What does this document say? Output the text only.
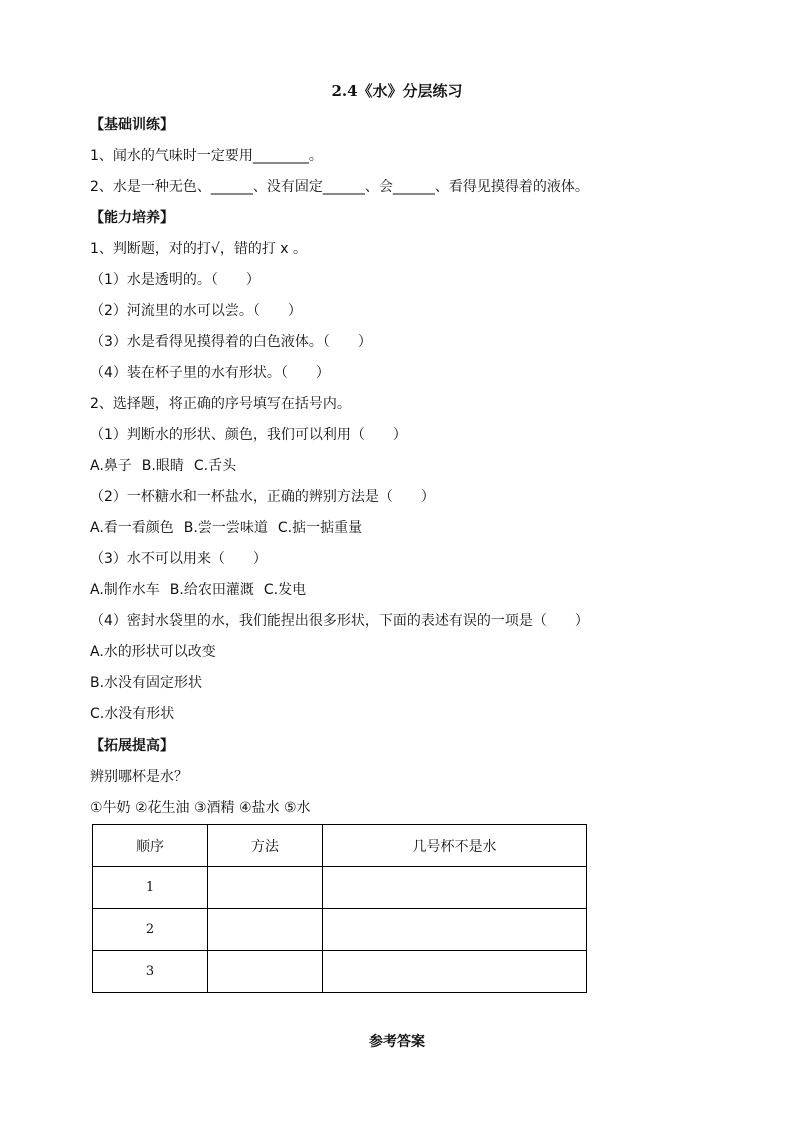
2.4《水》分层练习
【基础训练】
1、闻水的气味时一定要用________。
2、水是一种无色、______、没有固定______、会______、看得见摸得着的液体。
【能力培养】
1、判断题，对的打√，错的打 x 。
（1）水是透明的。（　　）
（2）河流里的水可以尝。（　　）
（3）水是看得见摸得着的白色液体。（　　）
（4）装在杯子里的水有形状。（　　）
2、选择题，将正确的序号填写在括号内。
（1）判断水的形状、颜色，我们可以利用（　　）
A.鼻子 B.眼睛 C.舌头
（2）一杯糖水和一杯盐水，正确的辨别方法是（　　）
A.看一看颜色 B.尝一尝味道 C.掂一掂重量
（3）水不可以用来（　　）
A.制作水车 B.给农田灌溉 C.发电
（4）密封水袋里的水，我们能捏出很多形状，下面的表述有误的一项是（　　）
A.水的形状可以改变
B.水没有固定形状
C.水没有形状
【拓展提高】
辨别哪杯是水？
①牛奶 ②花生油 ③酒精 ④盐水 ⑤水
顺序	方法	几号杯不是水
1		
2		
3		
参考答案
